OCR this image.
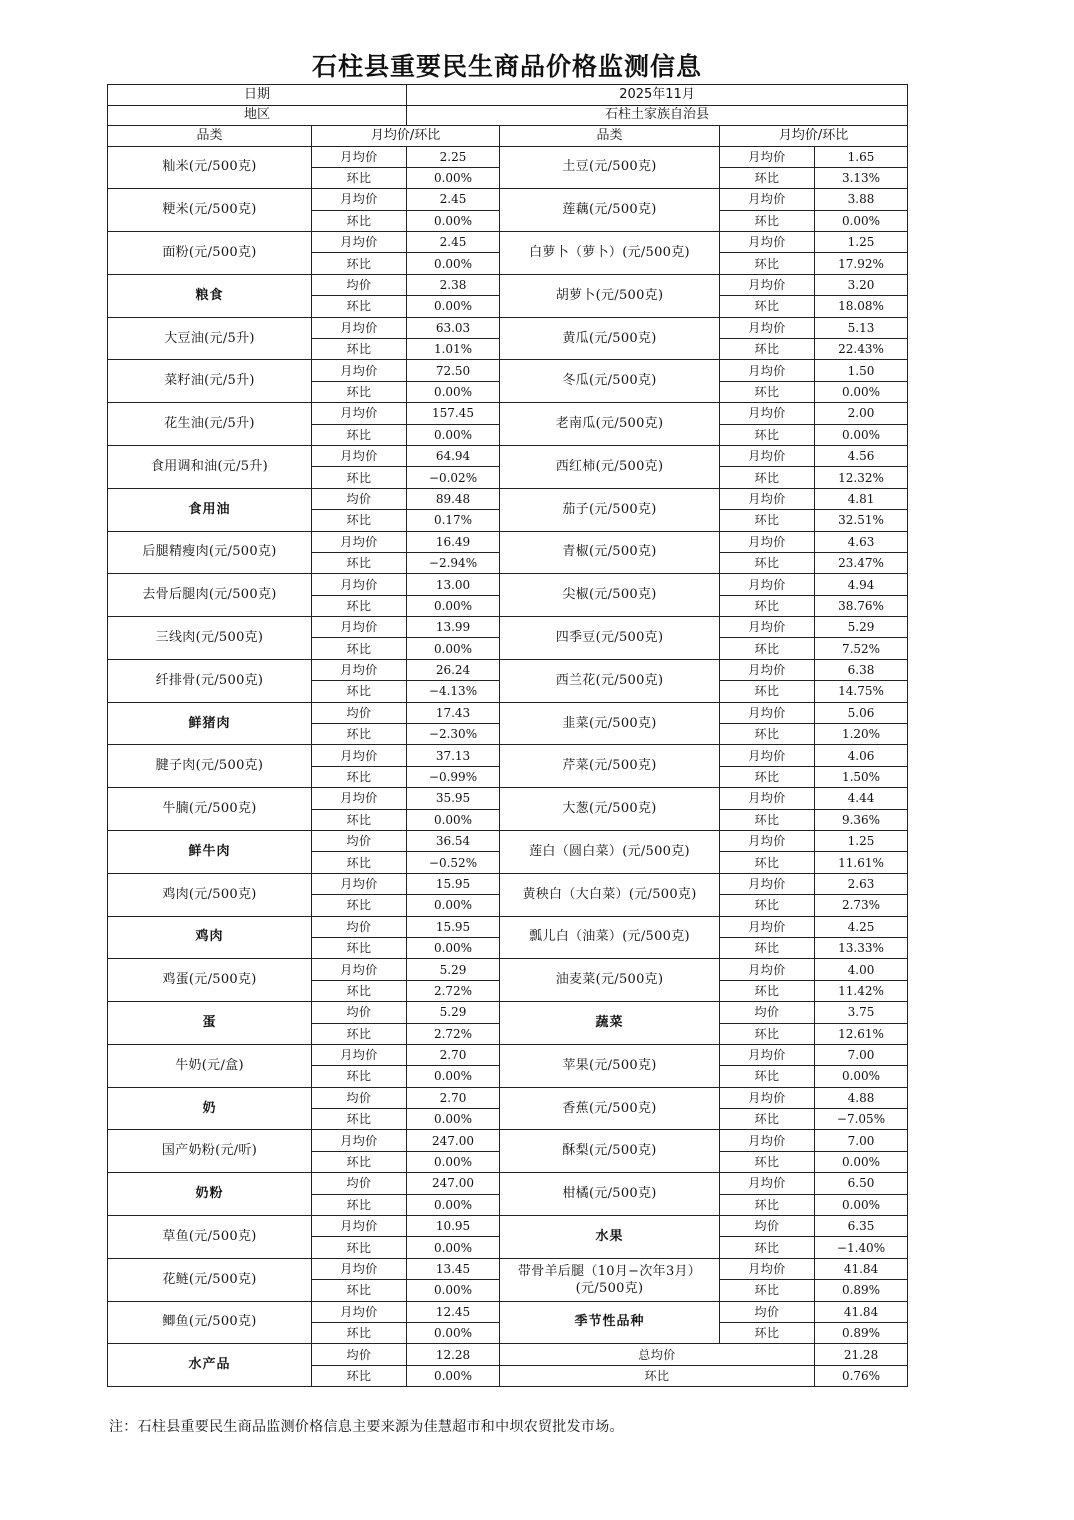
石柱县重要民生商品价格监测信息
日期		2025年11月			
地区		石柱土家族自治县			
品类	月均价/环比		品类	月均价/环比	
籼米(元/500克)	月均价	2.25	土豆(元/500克)	月均价	1.65
	环比	0.00%		环比	3.13%
粳米(元/500克)	月均价	2.45	莲藕(元/500克)	月均价	3.88
	环比	0.00%		环比	0.00%
面粉(元/500克)	月均价	2.45	白萝卜（萝卜）(元/500克)	月均价	1.25
	环比	0.00%		环比	17.92%
粮食	均价	2.38	胡萝卜(元/500克)	月均价	3.20
	环比	0.00%		环比	18.08%
大豆油(元/5升)	月均价	63.03	黄瓜(元/500克)	月均价	5.13
	环比	1.01%		环比	22.43%
菜籽油(元/5升)	月均价	72.50	冬瓜(元/500克)	月均价	1.50
	环比	0.00%		环比	0.00%
花生油(元/5升)	月均价	157.45	老南瓜(元/500克)	月均价	2.00
	环比	0.00%		环比	0.00%
食用调和油(元/5升)	月均价	64.94	西红柿(元/500克)	月均价	4.56
	环比	−0.02%		环比	12.32%
食用油	均价	89.48	茄子(元/500克)	月均价	4.81
	环比	0.17%		环比	32.51%
后腿精瘦肉(元/500克)	月均价	16.49	青椒(元/500克)	月均价	4.63
	环比	−2.94%		环比	23.47%
去骨后腿肉(元/500克)	月均价	13.00	尖椒(元/500克)	月均价	4.94
	环比	0.00%		环比	38.76%
三线肉(元/500克)	月均价	13.99	四季豆(元/500克)	月均价	5.29
	环比	0.00%		环比	7.52%
纤排骨(元/500克)	月均价	26.24	西兰花(元/500克)	月均价	6.38
	环比	−4.13%		环比	14.75%
鲜猪肉	均价	17.43	韭菜(元/500克)	月均价	5.06
	环比	−2.30%		环比	1.20%
腱子肉(元/500克)	月均价	37.13	芹菜(元/500克)	月均价	4.06
	环比	−0.99%		环比	1.50%
牛腩(元/500克)	月均价	35.95	大葱(元/500克)	月均价	4.44
	环比	0.00%		环比	9.36%
鲜牛肉	均价	36.54	莲白（圆白菜）(元/500克)	月均价	1.25
	环比	−0.52%		环比	11.61%
鸡肉(元/500克)	月均价	15.95	黄秧白（大白菜）(元/500克)	月均价	2.63
	环比	0.00%		环比	2.73%
鸡肉	均价	15.95	瓢儿白（油菜）(元/500克)	月均价	4.25
	环比	0.00%		环比	13.33%
鸡蛋(元/500克)	月均价	5.29	油麦菜(元/500克)	月均价	4.00
	环比	2.72%		环比	11.42%
蛋	均价	5.29	蔬菜	均价	3.75
	环比	2.72%		环比	12.61%
牛奶(元/盒)	月均价	2.70	苹果(元/500克)	月均价	7.00
	环比	0.00%		环比	0.00%
奶	均价	2.70	香蕉(元/500克)	月均价	4.88
	环比	0.00%		环比	−7.05%
国产奶粉(元/听)	月均价	247.00	酥梨(元/500克)	月均价	7.00
	环比	0.00%		环比	0.00%
奶粉	均价	247.00	柑橘(元/500克)	月均价	6.50
	环比	0.00%		环比	0.00%
草鱼(元/500克)	月均价	10.95	水果	均价	6.35
	环比	0.00%		环比	−1.40%
花鲢(元/500克)	月均价	13.45	带骨羊后腿（10月−次年3月）(元/500克)	月均价	41.84
	环比	0.00%		环比	0.89%
鲫鱼(元/500克)	月均价	12.45	季节性品种	均价	41.84
	环比	0.00%		环比	0.89%
水产品	均价	12.28	总均价		21.28
	环比	0.00%	环比		0.76%
注：石柱县重要民生商品监测价格信息主要来源为佳慧超市和中坝农贸批发市场。
